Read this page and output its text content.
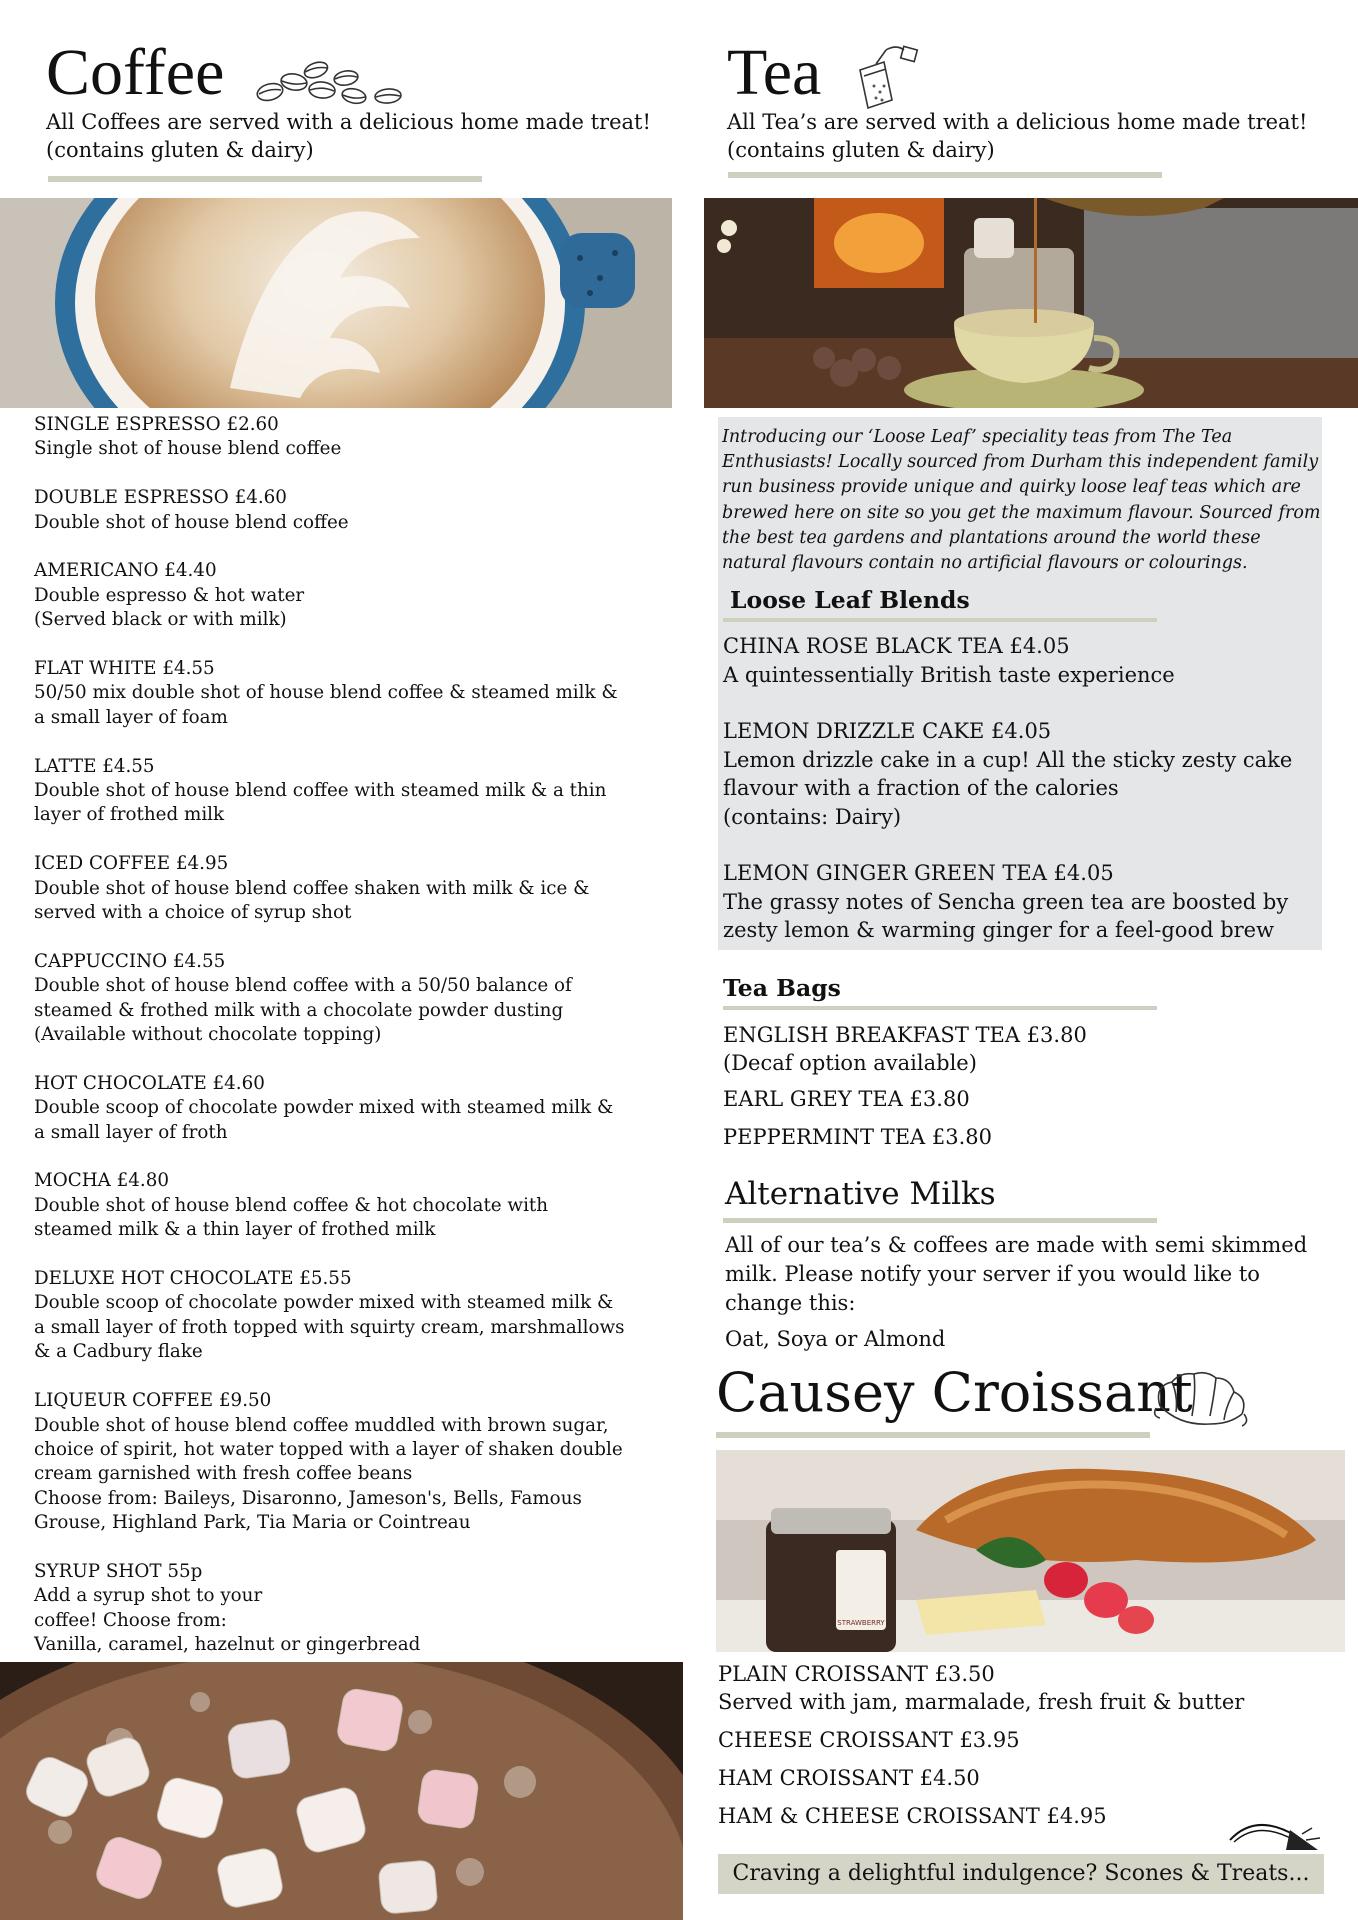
Coffee
All Coffees are served with a delicious home made treat!
(contains gluten & dairy)
SINGLE ESPRESSO £2.60
Single shot of house blend coffee
DOUBLE ESPRESSO £4.60
Double shot of house blend coffee
AMERICANO £4.40
Double espresso & hot water
(Served black or with milk)
FLAT WHITE £4.55
50/50 mix double shot of house blend coffee & steamed milk &
a small layer of foam
LATTE £4.55
Double shot of house blend coffee with steamed milk & a thin
layer of frothed milk
ICED COFFEE £4.95
Double shot of house blend coffee shaken with milk & ice &
served with a choice of syrup shot
CAPPUCCINO £4.55
Double shot of house blend coffee with a 50/50 balance of
steamed & frothed milk with a chocolate powder dusting
(Available without chocolate topping)
HOT CHOCOLATE £4.60
Double scoop of chocolate powder mixed with steamed milk &
a small layer of froth
MOCHA £4.80
Double shot of house blend coffee & hot chocolate with
steamed milk & a thin layer of frothed milk
DELUXE HOT CHOCOLATE £5.55
Double scoop of chocolate powder mixed with steamed milk &
a small layer of froth topped with squirty cream, marshmallows
& a Cadbury flake
LIQUEUR COFFEE £9.50
Double shot of house blend coffee muddled with brown sugar,
choice of spirit, hot water topped with a layer of shaken double
cream garnished with fresh coffee beans
Choose from: Baileys, Disaronno, Jameson's, Bells, Famous
Grouse, Highland Park, Tia Maria or Cointreau
SYRUP SHOT 55p
Add a syrup shot to your
coffee! Choose from:
Vanilla, caramel, hazelnut or gingerbread
Tea
All Tea’s are served with a delicious home made treat!
(contains gluten & dairy)
Introducing our ‘Loose Leaf’ speciality teas from The Tea Enthusiasts! Locally sourced from Durham this independent family run business provide unique and quirky loose leaf teas which are brewed here on site so you get the maximum flavour. Sourced from the best tea gardens and plantations around the world these natural flavours contain no artificial flavours or colourings.
Loose Leaf Blends
CHINA ROSE BLACK TEA £4.05
A quintessentially British taste experience
LEMON DRIZZLE CAKE £4.05
Lemon drizzle cake in a cup! All the sticky zesty cake flavour with a fraction of the calories
(contains: Dairy)
LEMON GINGER GREEN TEA £4.05
The grassy notes of Sencha green tea are boosted by zesty lemon & warming ginger for a feel-good brew
Tea Bags
ENGLISH BREAKFAST TEA £3.80
(Decaf option available)
EARL GREY TEA £3.80
PEPPERMINT TEA £3.80
Alternative Milks
All of our tea’s & coffees are made with semi skimmed milk. Please notify your server if you would like to change this:
Oat, Soya or Almond
Causey Croissant
STRAWBERRY
PLAIN CROISSANT £3.50
Served with jam, marmalade, fresh fruit & butter
CHEESE CROISSANT £3.95
HAM CROISSANT £4.50
HAM & CHEESE CROISSANT £4.95
Craving a delightful indulgence? Scones & Treats...
